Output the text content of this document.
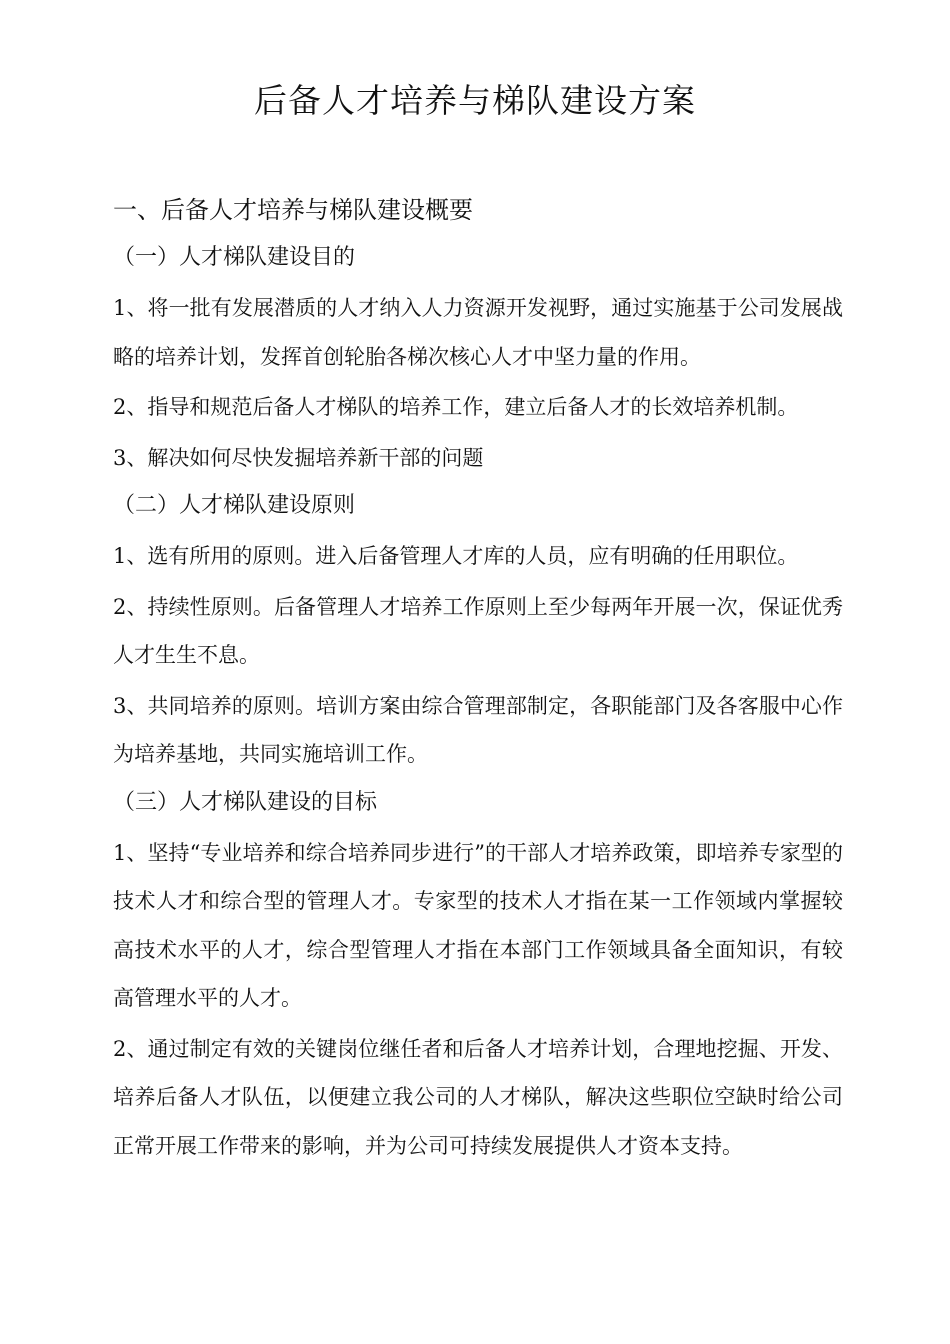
后备人才培养与梯队建设方案
一、后备人才培养与梯队建设概要
（一）人才梯队建设目的
1、将一批有发展潜质的人才纳入人力资源开发视野，通过实施基于公司发展战略的培养计划，发挥首创轮胎各梯次核心人才中坚力量的作用。
2、指导和规范后备人才梯队的培养工作，建立后备人才的长效培养机制。
3、解决如何尽快发掘培养新干部的问题
（二）人才梯队建设原则
1、选有所用的原则。进入后备管理人才库的人员，应有明确的任用职位。
2、持续性原则。后备管理人才培养工作原则上至少每两年开展一次，保证优秀人才生生不息。
3、共同培养的原则。培训方案由综合管理部制定，各职能部门及各客服中心作为培养基地，共同实施培训工作。
（三）人才梯队建设的目标
1、坚持“专业培养和综合培养同步进行”的干部人才培养政策，即培养专家型的技术人才和综合型的管理人才。专家型的技术人才指在某一工作领域内掌握较高技术水平的人才，综合型管理人才指在本部门工作领域具备全面知识，有较高管理水平的人才。
2、通过制定有效的关键岗位继任者和后备人才培养计划，合理地挖掘、开发、培养后备人才队伍，以便建立我公司的人才梯队，解决这些职位空缺时给公司正常开展工作带来的影响，并为公司可持续发展提供人才资本支持。
